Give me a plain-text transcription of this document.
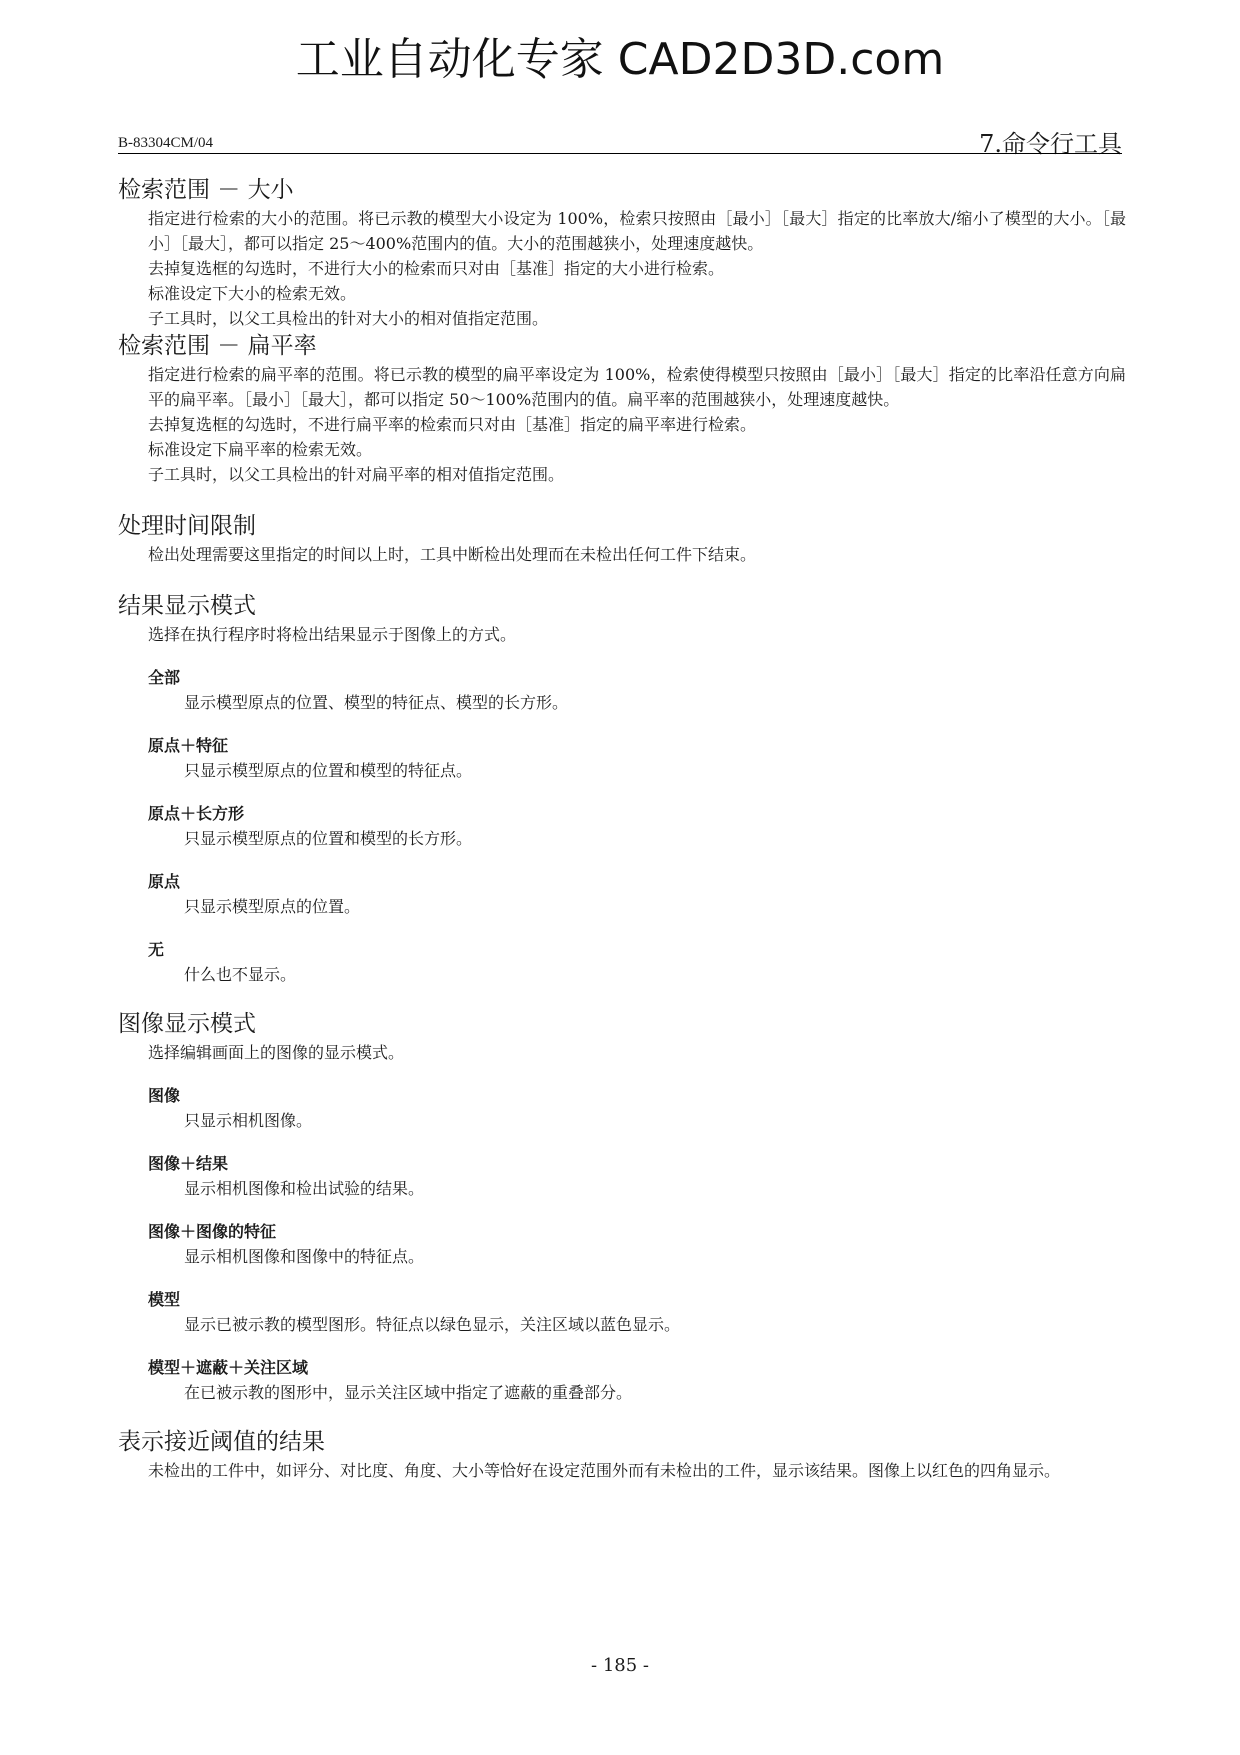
工业自动化专家 CAD2D3D.com
B-83304CM/04	7.命令行工具
检索范围 － 大小
指定进行检索的大小的范围。将已示教的模型大小设定为 100%，检索只按照由［最小］［最大］指定的比率放大/缩小了模型的大小。［最小］［最大］，都可以指定 25～400%范围内的值。大小的范围越狭小，处理速度越快。
去掉复选框的勾选时，不进行大小的检索而只对由［基准］指定的大小进行检索。
标准设定下大小的检索无效。
子工具时，以父工具检出的针对大小的相对值指定范围。
检索范围 － 扁平率
指定进行检索的扁平率的范围。将已示教的模型的扁平率设定为 100%，检索使得模型只按照由［最小］［最大］指定的比率沿任意方向扁平的扁平率。［最小］［最大］，都可以指定 50～100%范围内的值。扁平率的范围越狭小，处理速度越快。
去掉复选框的勾选时，不进行扁平率的检索而只对由［基准］指定的扁平率进行检索。
标准设定下扁平率的检索无效。
子工具时，以父工具检出的针对扁平率的相对值指定范围。
处理时间限制
检出处理需要这里指定的时间以上时，工具中断检出处理而在未检出任何工件下结束。
结果显示模式
选择在执行程序时将检出结果显示于图像上的方式。
全部
显示模型原点的位置、模型的特征点、模型的长方形。
原点＋特征
只显示模型原点的位置和模型的特征点。
原点＋长方形
只显示模型原点的位置和模型的长方形。
原点
只显示模型原点的位置。
无
什么也不显示。
图像显示模式
选择编辑画面上的图像的显示模式。
图像
只显示相机图像。
图像＋结果
显示相机图像和检出试验的结果。
图像＋图像的特征
显示相机图像和图像中的特征点。
模型
显示已被示教的模型图形。特征点以绿色显示，关注区域以蓝色显示。
模型＋遮蔽＋关注区域
在已被示教的图形中，显示关注区域中指定了遮蔽的重叠部分。
表示接近阈值的结果
未检出的工件中，如评分、对比度、角度、大小等恰好在设定范围外而有未检出的工件，显示该结果。图像上以红色的四角显示。
- 185 -
